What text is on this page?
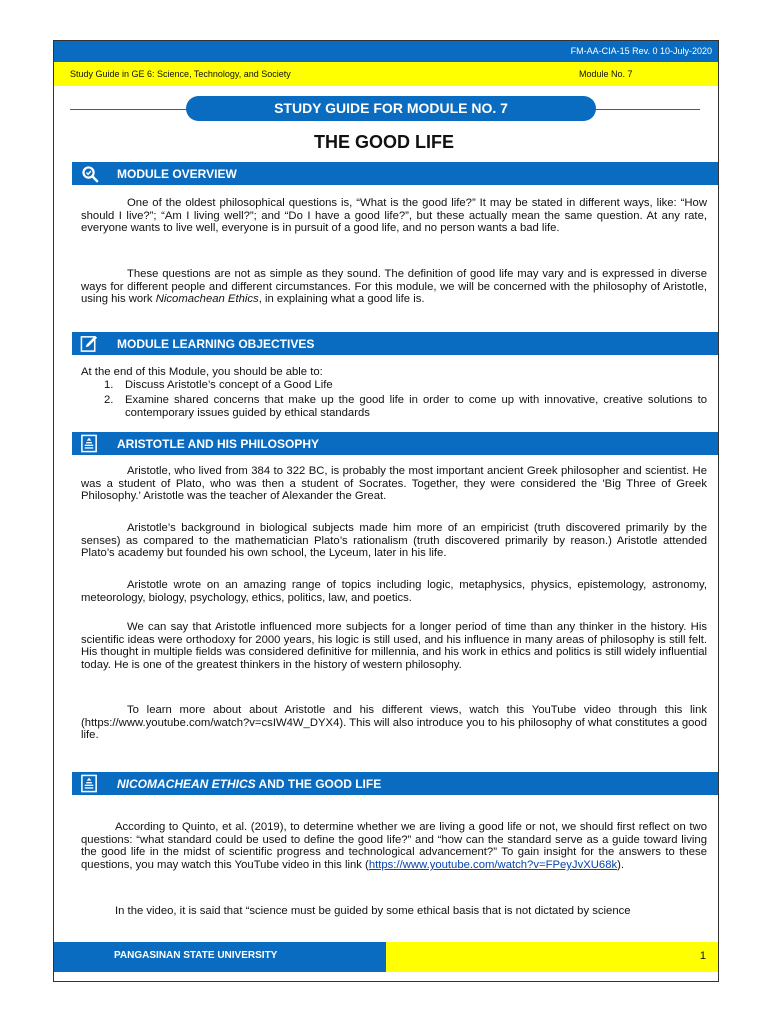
FM-AA-CIA-15 Rev. 0 10-July-2020
Study Guide in GE 6: Science, Technology, and Society	Module No. 7
STUDY GUIDE FOR MODULE NO. 7
THE GOOD LIFE
MODULE OVERVIEW

One of the oldest philosophical questions is, “What is the good life?” It may be stated in different ways, like: “How should I live?”; “Am I living well?”; and “Do I have a good life?”, but these actually mean the same question. At any rate, everyone wants to live well, everyone is in pursuit of a good life, and no person wants a bad life.

These questions are not as simple as they sound. The definition of good life may vary and is expressed in diverse ways for different people and different circumstances. For this module, we will be concerned with the philosophy of Aristotle, using his work Nicomachean Ethics, in explaining what a good life is.

MODULE LEARNING OBJECTIVES
At the end of this Module, you should be able to:
1. Discuss Aristotle’s concept of a Good Life
2. Examine shared concerns that make up the good life in order to come up with innovative, creative solutions to contemporary issues guided by ethical standards
ARISTOTLE AND HIS PHILOSOPHY

Aristotle, who lived from 384 to 322 BC, is probably the most important ancient Greek philosopher and scientist. He was a student of Plato, who was then a student of Socrates. Together, they were considered the 'Big Three of Greek Philosophy.' Aristotle was the teacher of Alexander the Great.

Aristotle’s background in biological subjects made him more of an empiricist (truth discovered primarily by the senses) as compared to the mathematician Plato’s rationalism (truth discovered primarily by reason.) Aristotle attended Plato’s academy but founded his own school, the Lyceum, later in his life.

Aristotle wrote on an amazing range of topics including logic, metaphysics, physics, epistemology, astronomy, meteorology, biology, psychology, ethics, politics, law, and poetics.

We can say that Aristotle influenced more subjects for a longer period of time than any thinker in the history. His scientific ideas were orthodoxy for 2000 years, his logic is still used, and his influence in many areas of philosophy is still felt. His thought in multiple fields was considered definitive for millennia, and his work in ethics and politics is still widely influential today. He is one of the greatest thinkers in the history of western philosophy.

To learn more about about Aristotle and his different views, watch this YouTube video through this link (https://www.youtube.com/watch?v=csIW4W_DYX4). This will also introduce you to his philosophy of what constitutes a good life.

NICOMACHEAN ETHICS AND THE GOOD LIFE

According to Quinto, et al. (2019), to determine whether we are living a good life or not, we should first reflect on two questions: “what standard could be used to define the good life?” and “how can the standard serve as a guide toward living the good life in the midst of scientific progress and technological advancement?” To gain insight for the answers to these questions, you may watch this YouTube video in this link (https://www.youtube.com/watch?v=FPeyJvXU68k).

In the video, it is said that “science must be guided by some ethical basis that is not dictated by science

PANGASINAN STATE UNIVERSITY	1
